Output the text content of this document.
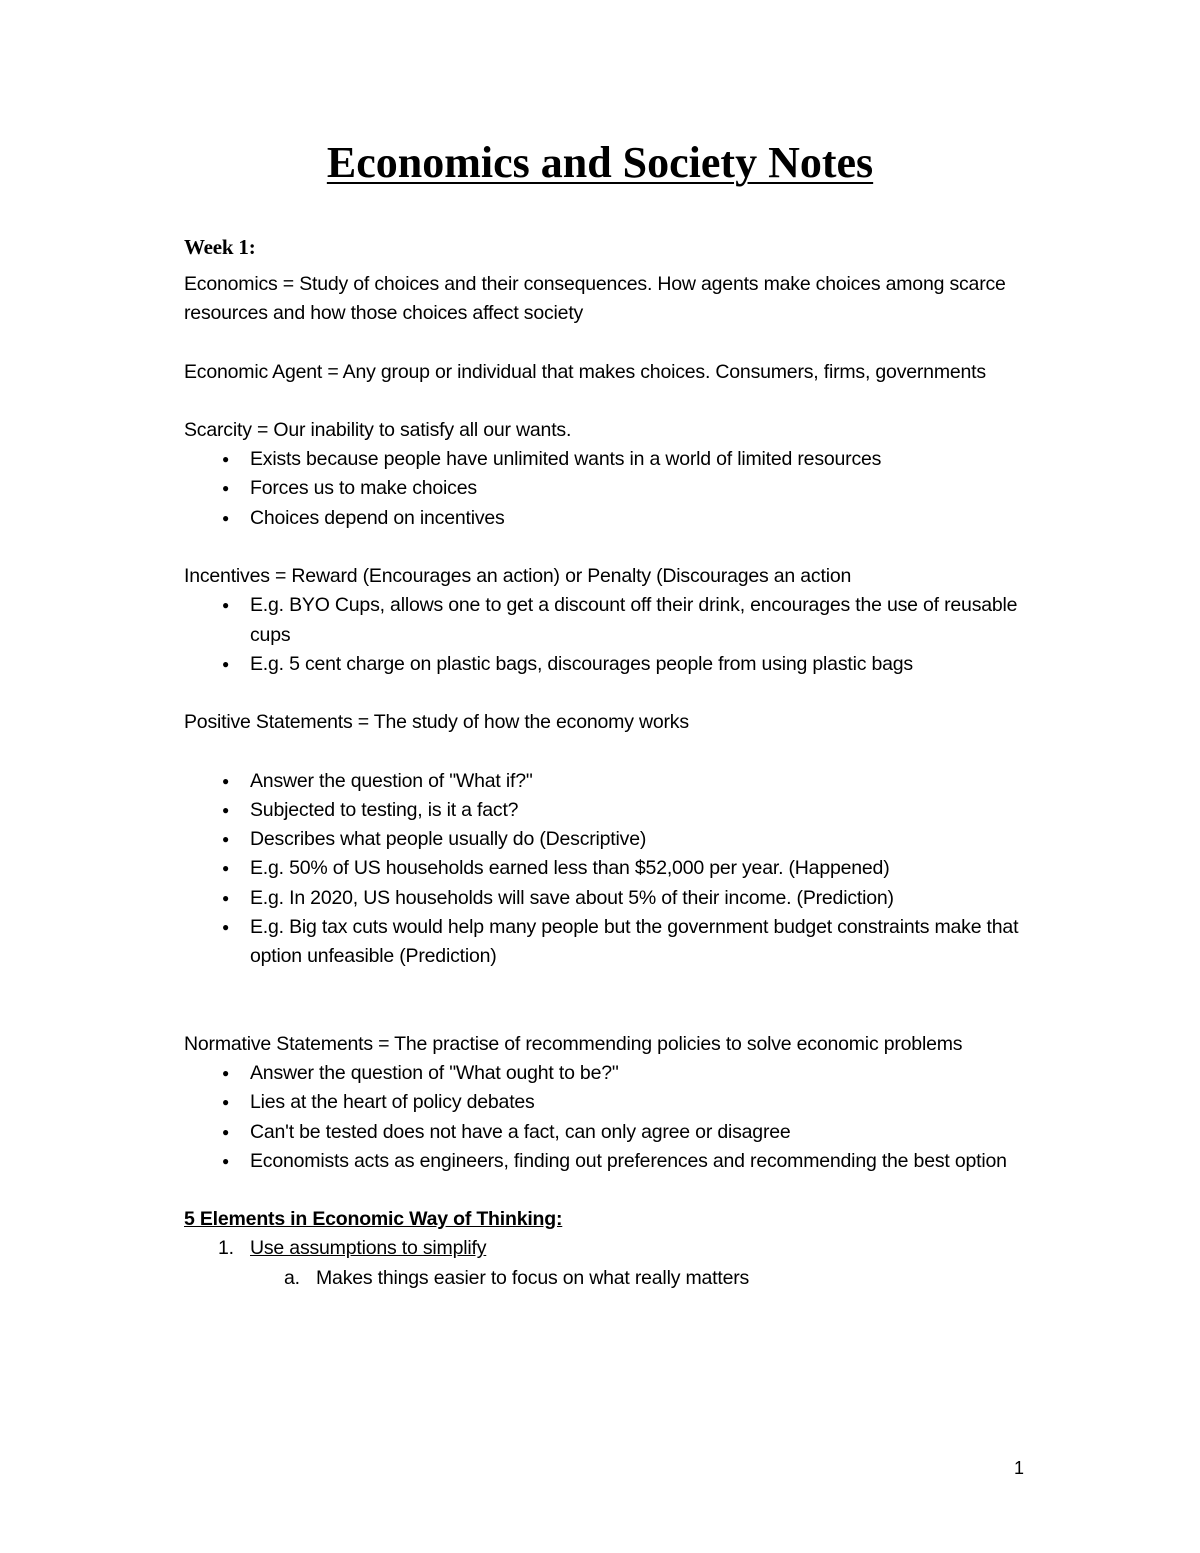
Economics and Society Notes

Week 1:

Economics = Study of choices and their consequences. How agents make choices among scarce resources and how those choices affect society

Economic Agent = Any group or individual that makes choices. Consumers, firms, governments

Scarcity = Our inability to satisfy all our wants.

● Exists because people have unlimited wants in a world of limited resources
● Forces us to make choices
● Choices depend on incentives

Incentives = Reward (Encourages an action) or Penalty (Discourages an action

● E.g. BYO Cups, allows one to get a discount off their drink, encourages the use of reusable cups
● E.g. 5 cent charge on plastic bags, discourages people from using plastic bags

Positive Statements = The study of how the economy works

● Answer the question of "What if?"
● Subjected to testing, is it a fact?
● Describes what people usually do (Descriptive)
● E.g. 50% of US households earned less than $52,000 per year. (Happened)
● E.g. In 2020, US households will save about 5% of their income. (Prediction)
● E.g. Big tax cuts would help many people but the government budget constraints make that option unfeasible (Prediction)

Normative Statements = The practise of recommending policies to solve economic problems

● Answer the question of "What ought to be?"
● Lies at the heart of policy debates
● Can't be tested does not have a fact, can only agree or disagree
● Economists acts as engineers, finding out preferences and recommending the best option

5 Elements in Economic Way of Thinking:

1. Use assumptions to simplify
a. Makes things easier to focus on what really matters
1
